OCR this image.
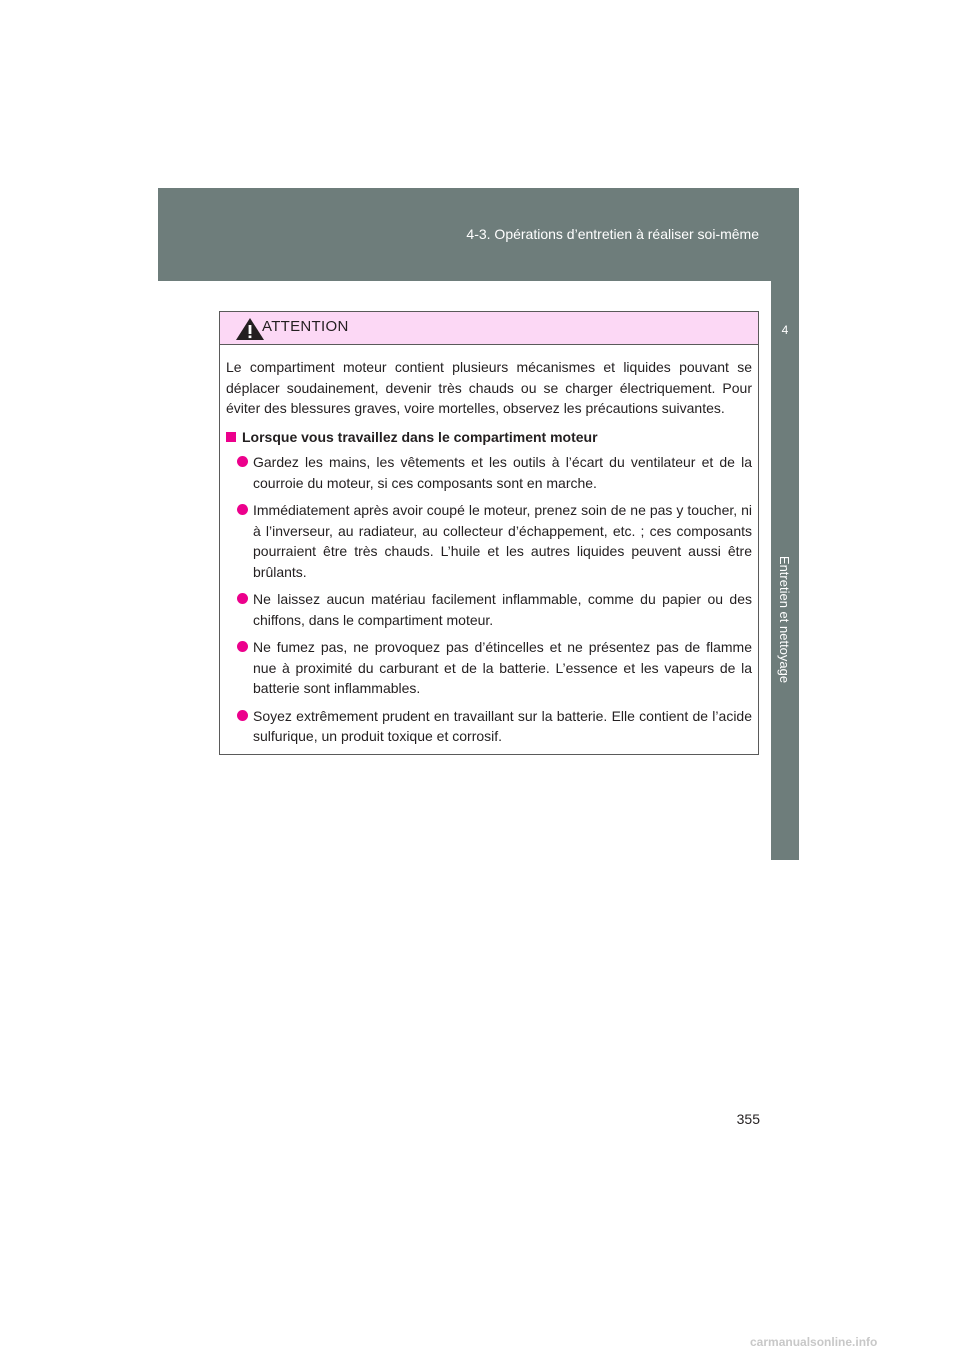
4-3. Opérations d’entretien à réaliser soi-même
4
Entretien et nettoyage
ATTENTION

Le compartiment moteur contient plusieurs mécanismes et liquides pouvant se déplacer soudainement, devenir très chauds ou se charger électriquement. Pour éviter des blessures graves, voire mortelles, observez les précautions suivantes.

Lorsque vous travaillez dans le compartiment moteur

Gardez les mains, les vêtements et les outils à l’écart du ventilateur et de la courroie du moteur, si ces composants sont en marche.
Immédiatement après avoir coupé le moteur, prenez soin de ne pas y toucher, ni à l’inverseur, au radiateur, au collecteur d’échappement, etc. ; ces composants pourraient être très chauds. L’huile et les autres liquides peuvent aussi être brûlants.
Ne laissez aucun matériau facilement inflammable, comme du papier ou des chiffons, dans le compartiment moteur.
Ne fumez pas, ne provoquez pas d’étincelles et ne présentez pas de flamme nue à proximité du carburant et de la batterie. L’essence et les vapeurs de la batterie sont inflammables.
Soyez extrêmement prudent en travaillant sur la batterie. Elle contient de l’acide sulfurique, un produit toxique et corrosif.
355
carmanualsonline.info
